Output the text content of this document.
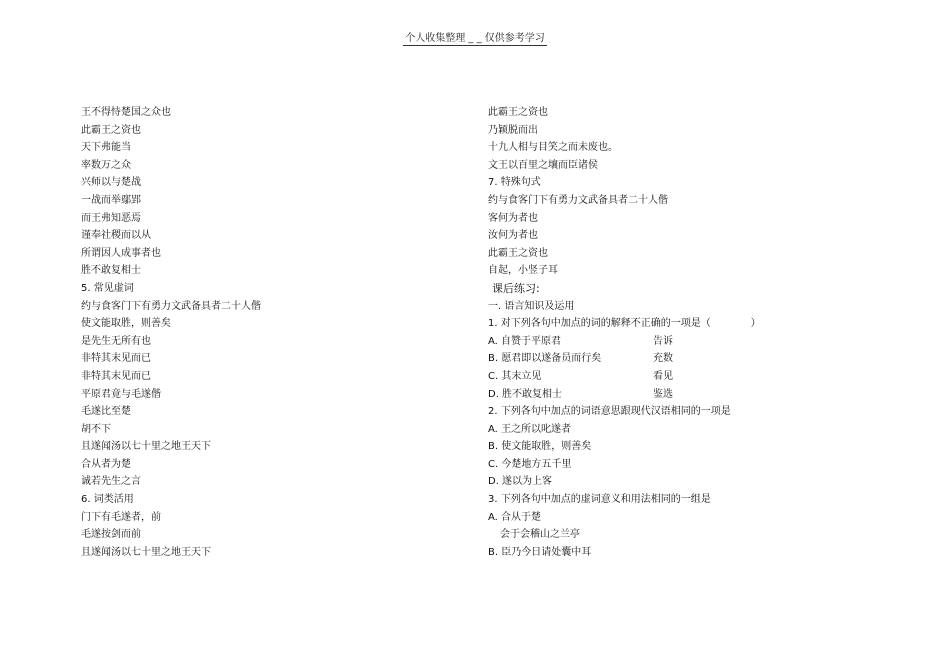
个人收集整理 _ _ 仅供参考学习
王不得恃楚国之众也
此霸王之资也
天下弗能当
率数万之众
兴师以与楚战
一战而举鄢郢
而王弗知恶焉
谨奉社稷而以从
所谓因人成事者也
胜不敢复相士
5. 常见虚词
约与食客门下有勇力文武备具者二十人偕
使文能取胜，则善矣
是先生无所有也
非特其末见而已
非特其末见而已
平原君竟与毛遂偕
毛遂比至楚
胡不下
且遂闻汤以七十里之地王天下
合从者为楚
诚若先生之言
6. 词类活用
门下有毛遂者，前
毛遂按剑而前
且遂闻汤以七十里之地王天下
此霸王之资也
乃颖脱而出
十九人相与目笑之而未废也。
文王以百里之壤而臣诸侯
7. 特殊句式
约与食客门下有勇力文武备具者二十人偕
客何为者也
汝何为者也
此霸王之资也
自起，小竖子耳
课后练习:
一. 语言知识及运用
1. 对下列各句中加点的词的解释不正确的一项是（　　　　）
A. 自赞于平原君	告诉
B. 愿君即以遂备员而行矣	充数
C. 其末立见	看见
D. 胜不敢复相士	鉴选
2. 下列各句中加点的词语意思跟现代汉语相同的一项是
A. 王之所以叱遂者
B. 使文能取胜，则善矣
C. 今楚地方五千里
D. 遂以为上客
3. 下列各句中加点的虚词意义和用法相同的一组是
A. 合从于楚
会于会稽山之兰亭
B. 臣乃今日请处囊中耳
